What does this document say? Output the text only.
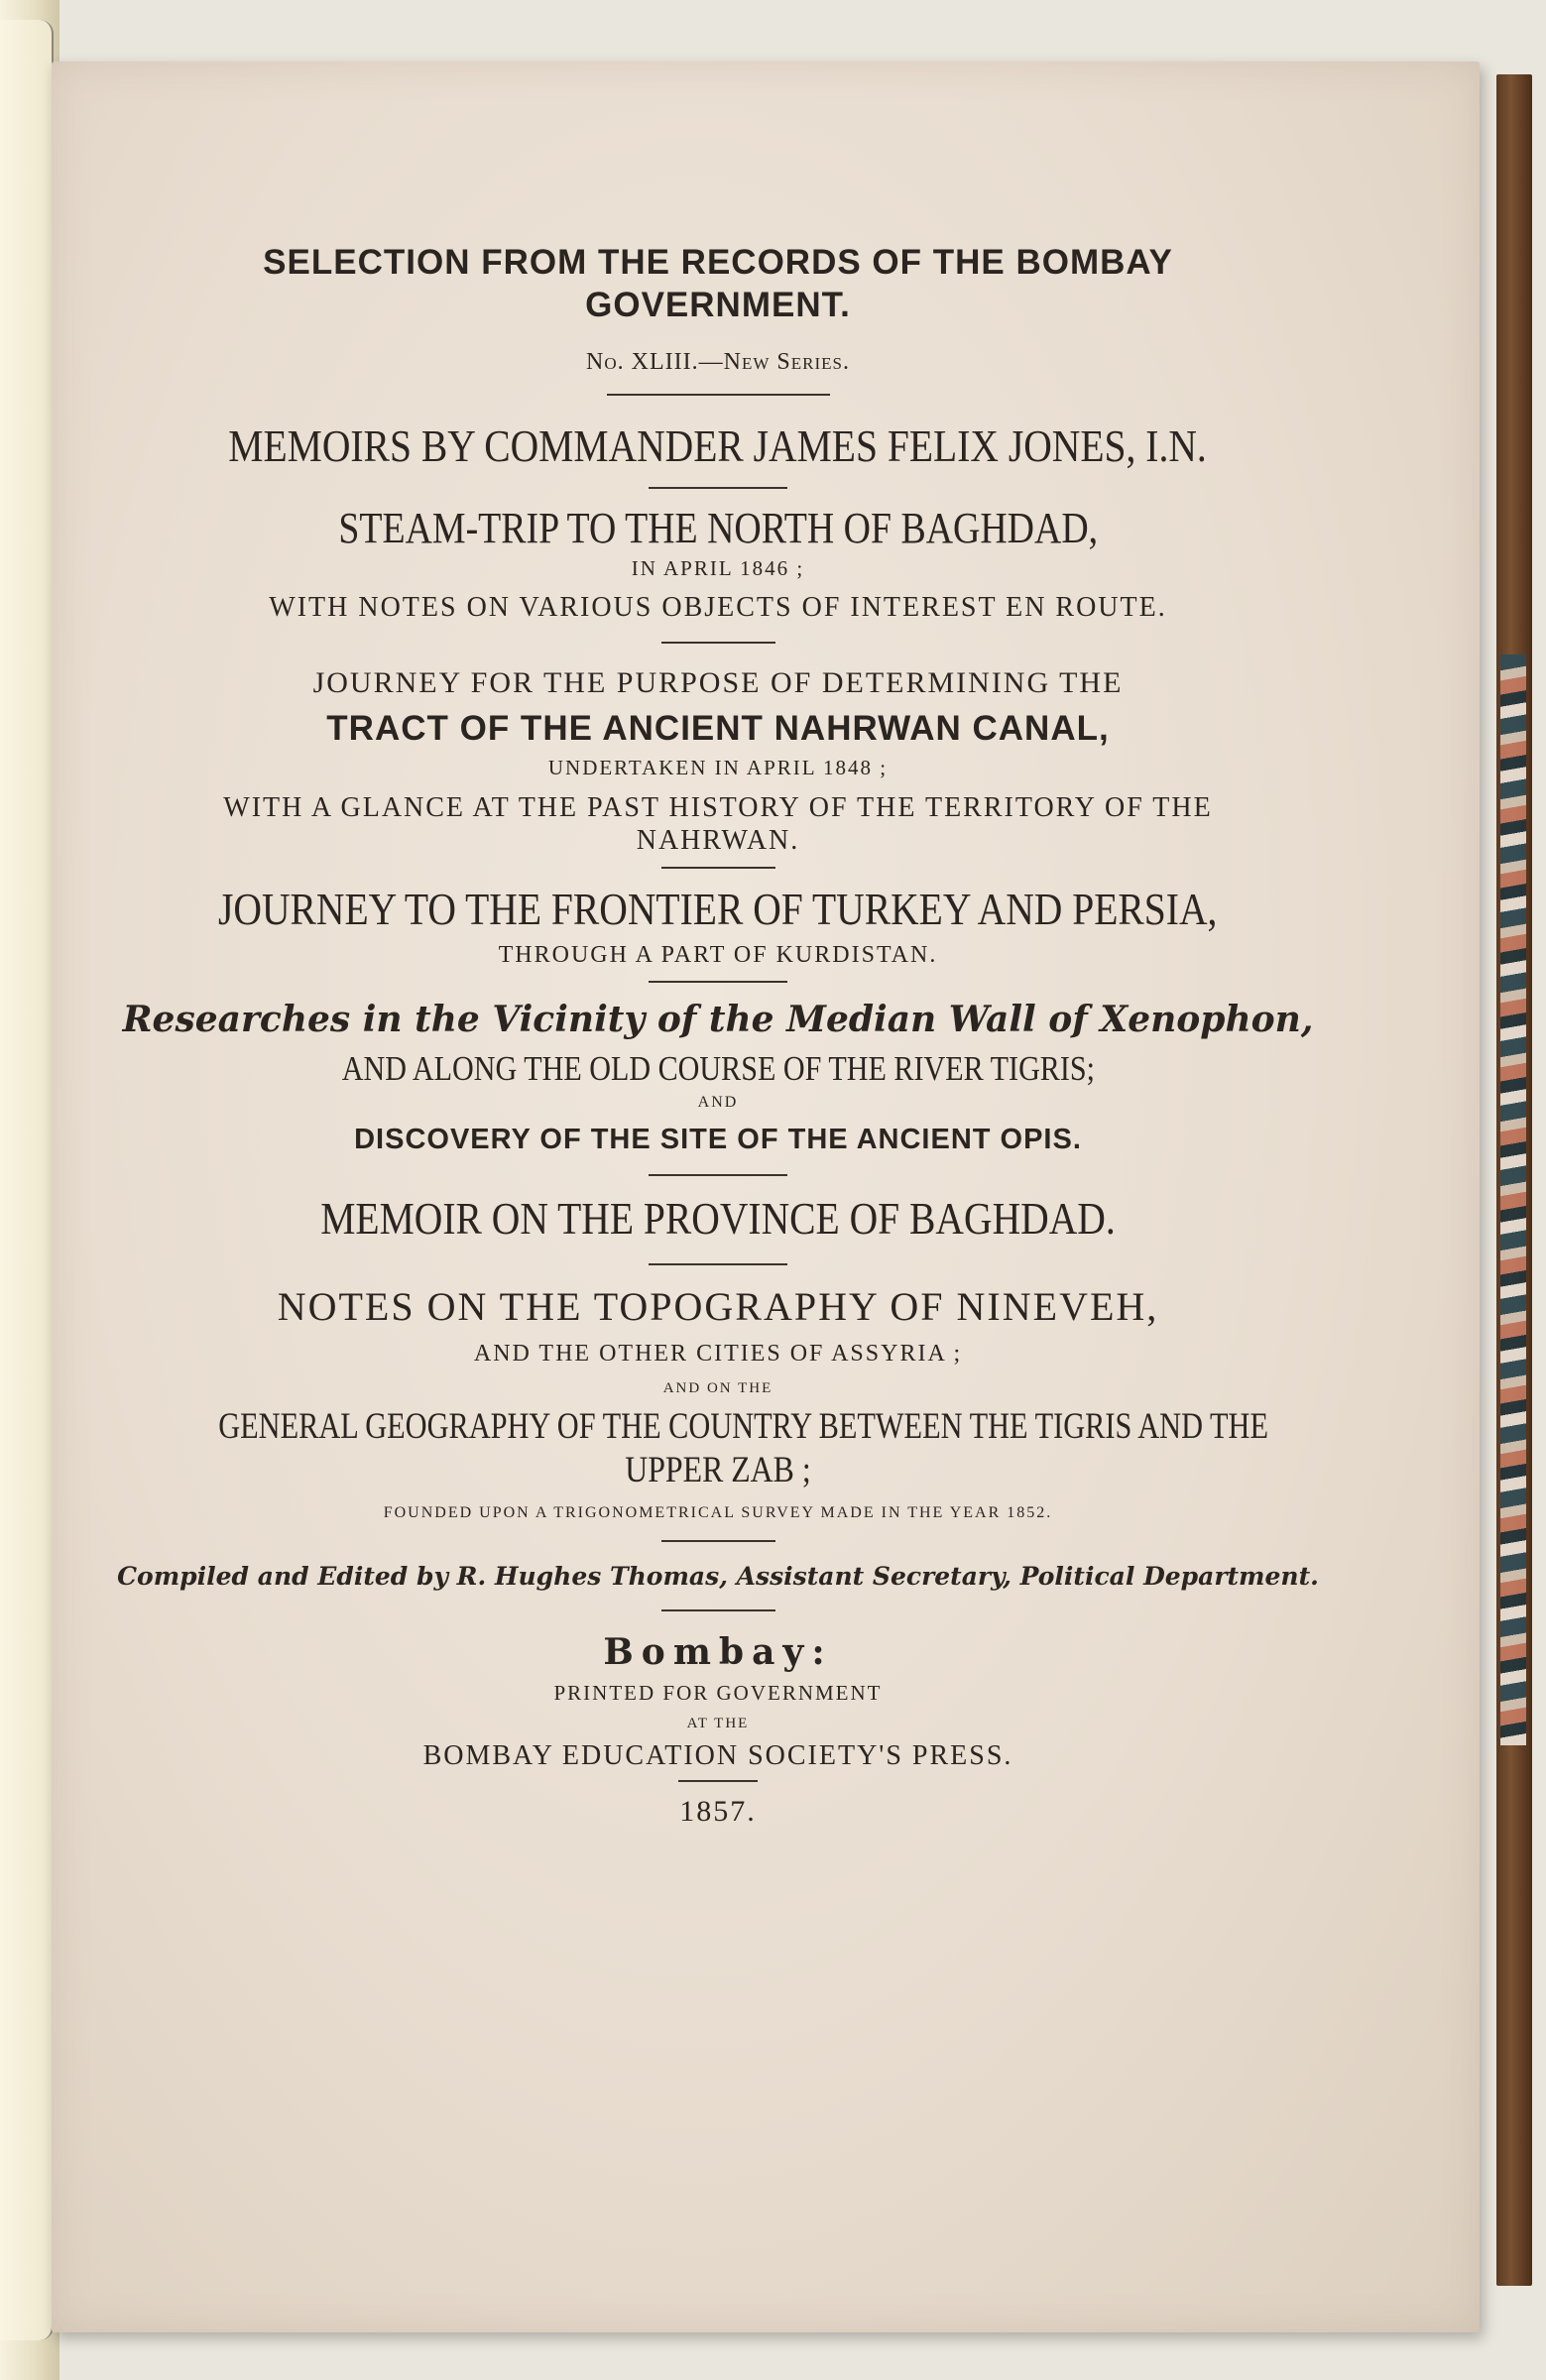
SELECTION FROM THE RECORDS OF THE BOMBAY

GOVERNMENT.

No. XLIII.—New Series.

MEMOIRS BY COMMANDER JAMES FELIX JONES, I.N.

STEAM-TRIP TO THE NORTH OF BAGHDAD,

IN APRIL 1846 ;

WITH NOTES ON VARIOUS OBJECTS OF INTEREST EN ROUTE.

JOURNEY FOR THE PURPOSE OF DETERMINING THE

TRACT OF THE ANCIENT NAHRWAN CANAL,

UNDERTAKEN IN APRIL 1848 ;

WITH A GLANCE AT THE PAST HISTORY OF THE TERRITORY OF THE

NAHRWAN.

JOURNEY TO THE FRONTIER OF TURKEY AND PERSIA,

THROUGH A PART OF KURDISTAN.

Researches in the Vicinity of the Median Wall of Xenophon,

AND ALONG THE OLD COURSE OF THE RIVER TIGRIS;

AND

DISCOVERY OF THE SITE OF THE ANCIENT OPIS.

MEMOIR ON THE PROVINCE OF BAGHDAD.

NOTES ON THE TOPOGRAPHY OF NINEVEH,

AND THE OTHER CITIES OF ASSYRIA ;

AND ON THE

GENERAL GEOGRAPHY OF THE COUNTRY BETWEEN THE TIGRIS AND THE

UPPER ZAB ;

FOUNDED UPON A TRIGONOMETRICAL SURVEY MADE IN THE YEAR 1852.

Compiled and Edited by R. Hughes Thomas, Assistant Secretary, Political Department.

Bombay:

PRINTED FOR GOVERNMENT

AT THE

BOMBAY EDUCATION SOCIETY'S PRESS.

1857.
